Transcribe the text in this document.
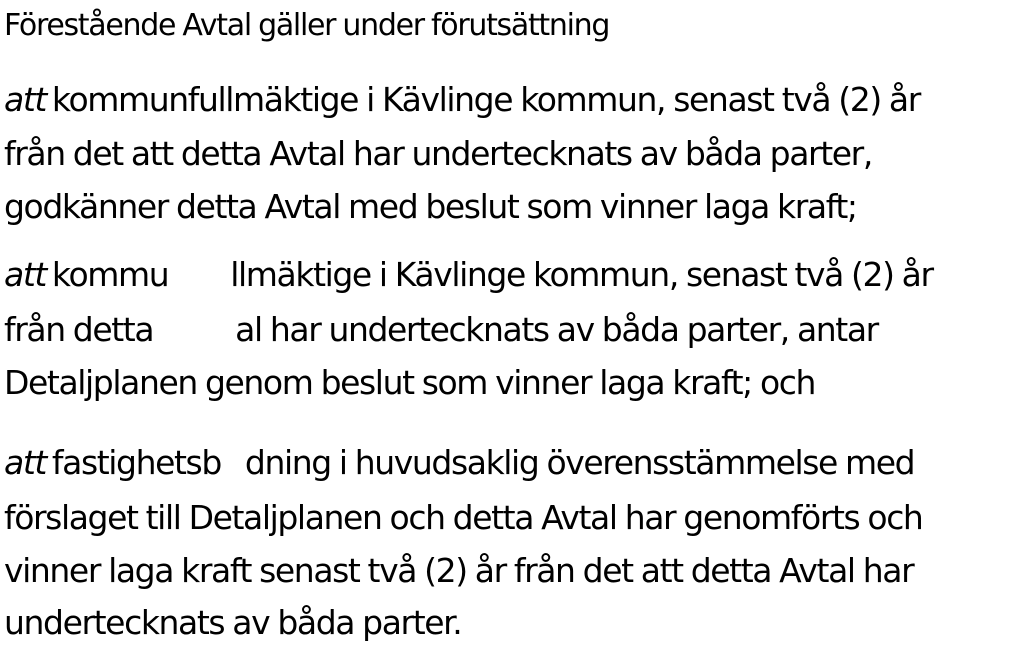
Förestående Avtal gäller under förutsättning
att kommunfullmäktige i Kävlinge kommun, senast två (2) år
från det att detta Avtal har undertecknats av båda parter,
godkänner detta Avtal med beslut som vinner laga kraft;
att kommu llmäktige i Kävlinge kommun, senast två (2) år
från detta al har undertecknats av båda parter, antar
Detaljplanen genom beslut som vinner laga kraft; och
att fastighetsb dning i huvudsaklig överensstämmelse med
förslaget till Detaljplanen och detta Avtal har genomförts och
vinner laga kraft senast två (2) år från det att detta Avtal har
undertecknats av båda parter.
